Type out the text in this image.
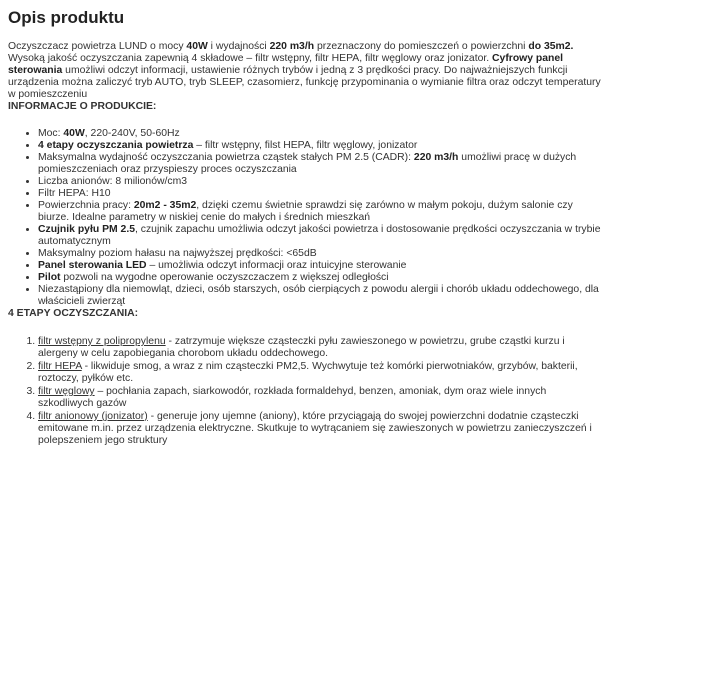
Opis produktu

Oczyszczacz powietrza LUND o mocy 40W i wydajności 220 m3/h przeznaczony do pomieszczeń o powierzchni do 35m2. Wysoką jakość oczyszczania zapewnią 4 składowe – filtr wstępny, filtr HEPA, filtr węglowy oraz jonizator. Cyfrowy panel sterowania umożliwi odczyt informacji, ustawienie różnych trybów i jedną z 3 prędkości pracy. Do najważniejszych funkcji urządzenia można zaliczyć tryb AUTO, tryb SLEEP, czasomierz, funkcję przypominania o wymianie filtra oraz odczyt temperatury w pomieszczeniu

INFORMACJE O PRODUKCIE:
• Moc: 40W, 220-240V, 50-60Hz
• 4 etapy oczyszczania powietrza – filtr wstępny, filst HEPA, filtr węglowy, jonizator
• Maksymalna wydajność oczyszczania powietrza cząstek stałych PM 2.5 (CADR): 220 m3/h umożliwi pracę w dużych pomieszczeniach oraz przyspieszy proces oczyszczania
• Liczba anionów: 8 milionów/cm3
• Filtr HEPA: H10
• Powierzchnia pracy: 20m2 - 35m2, dzięki czemu świetnie sprawdzi się zarówno w małym pokoju, dużym salonie czy biurze. Idealne parametry w niskiej cenie do małych i średnich mieszkań
• Czujnik pyłu PM 2.5, czujnik zapachu umożliwia odczyt jakości powietrza i dostosowanie prędkości oczyszczania w trybie automatycznym
• Maksymalny poziom hałasu na najwyższej prędkości: <65dB
• Panel sterowania LED – umożliwia odczyt informacji oraz intuicyjne sterowanie
• Pilot pozwoli na wygodne operowanie oczyszczaczem z większej odległości
• Niezastąpiony dla niemowląt, dzieci, osób starszych, osób cierpiących z powodu alergii i chorób układu oddechowego, dla właścicieli zwierząt
4 ETAPY OCZYSZCZANIA:
1. filtr wstępny z polipropylenu - zatrzymuje większe cząsteczki pyłu zawieszonego w powietrzu, grube cząstki kurzu i alergeny w celu zapobiegania chorobom układu oddechowego.
2. filtr HEPA - likwiduje smog, a wraz z nim cząsteczki PM2,5. Wychwytuje też komórki pierwotniaków, grzybów, bakterii, roztoczy, pyłków etc.
3. filtr węglowy – pochłania zapach, siarkowodór, rozkłada formaldehyd, benzen, amoniak, dym oraz wiele innych szkodliwych gazów
4. filtr anionowy (jonizator) - generuje jony ujemne (aniony), które przyciągają do swojej powierzchni dodatnie cząsteczki emitowane m.in. przez urządzenia elektryczne. Skutkuje to wytrącaniem się zawieszonych w powietrzu zanieczyszczeń i polepszeniem jego struktury
